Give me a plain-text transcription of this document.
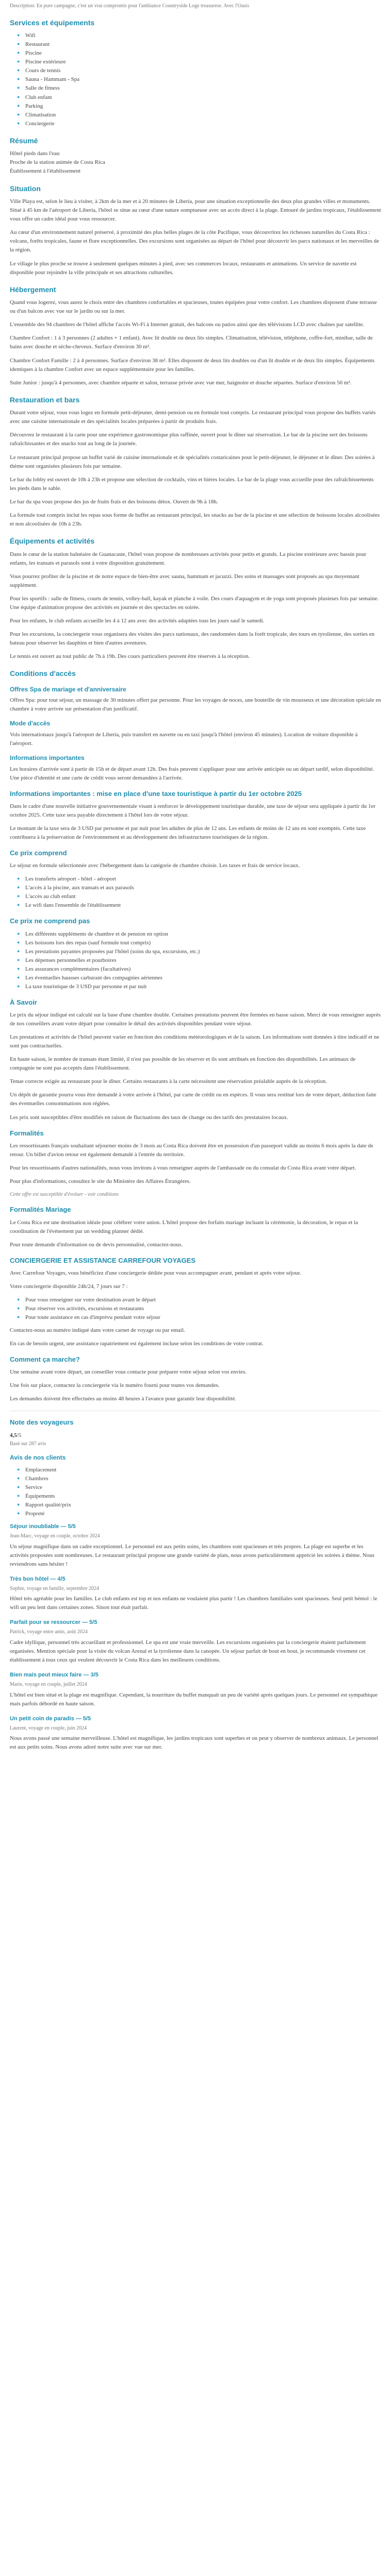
Description: En pure campagne, c'est un vrai compromis pour l'ambiance Countryside Loge treasurese. Avec l'Oasis

Services et équipements
● Wifi
● Restaurant
● Piscine
● Piscine extérieure
● Cours de tennis
● Sauna - Hammam - Spa
● Salle de fitness
● Club enfant
● Parking
● Climatisation
● Conciergerie
Résumé
Hôtel pieds dans l'eau
Proche de la station animée de Costa Rica
Établissement à l'établissement
Situation

Ville Playa est, selon le lieu à visiter, à 2km de la mer et à 20 minutes de Liberia, pour une situation exceptionnelle des deux plus grandes villes et monuments. Situé à 45 km de l'aéroport de Liberia, l'hôtel se situe au cœur d'une nature somptueuse avec un accès direct à la plage. Entouré de jardins tropicaux, l'établissement vous offre un cadre idéal pour vous ressourcer.

Au cœur d'un environnement naturel préservé, à proximité des plus belles plages de la côte Pacifique, vous découvrirez les richesses naturelles du Costa Rica : volcans, forêts tropicales, faune et flore exceptionnelles. Des excursions sont organisées au départ de l'hôtel pour découvrir les parcs nationaux et les merveilles de la région.

Le village le plus proche se trouve à seulement quelques minutes à pied, avec ses commerces locaux, restaurants et animations. Un service de navette est disponible pour rejoindre la ville principale et ses attractions culturelles.

Hébergement

Quand vous logerez, vous aurez le choix entre des chambres confortables et spacieuses, toutes équipées pour votre confort. Les chambres disposent d'une terrasse ou d'un balcon avec vue sur le jardin ou sur la mer.

L'ensemble des 94 chambres de l'hôtel affiche l'accès Wi-Fi à Internet gratuit, des balcons ou patios ainsi que des télévisions LCD avec chaînes par satellite.

Chambre Confort : 1 à 3 personnes (2 adultes + 1 enfant). Avec lit double ou deux lits simples. Climatisation, télévision, téléphone, coffre-fort, minibar, salle de bains avec douche et sèche-cheveux. Surface d'environ 30 m².

Chambre Confort Famille : 2 à 4 personnes. Surface d'environ 38 m². Elles disposent de deux lits doubles ou d'un lit double et de deux lits simples. Équipements identiques à la chambre Confort avec un espace supplémentaire pour les familles.

Suite Junior : jusqu'à 4 personnes, avec chambre séparée et salon, terrasse privée avec vue mer, baignoire et douche séparées. Surface d'environ 50 m².

Restauration et bars

Durant votre séjour, vous vous logez en formule petit-déjeuner, demi-pension ou en formule tout compris. Le restaurant principal vous propose des buffets variés avec une cuisine internationale et des spécialités locales préparées à partir de produits frais.

Découvrez le restaurant à la carte pour une expérience gastronomique plus raffinée, ouvert pour le dîner sur réservation. Le bar de la piscine sert des boissons rafraîchissantes et des snacks tout au long de la journée.

Le restaurant principal propose un buffet varié de cuisine internationale et de spécialités costaricaines pour le petit-déjeuner, le déjeuner et le dîner. Des soirées à thème sont organisées plusieurs fois par semaine.

Le bar du lobby est ouvert de 10h à 23h et propose une sélection de cocktails, vins et bières locales. Le bar de la plage vous accueille pour des rafraîchissements les pieds dans le sable.

Le bar du spa vous propose des jus de fruits frais et des boissons détox. Ouvert de 9h à 18h.

La formule tout compris inclut les repas sous forme de buffet au restaurant principal, les snacks au bar de la piscine et une sélection de boissons locales alcoolisées et non alcoolisées de 10h à 23h.

Équipements et activités

Dans le cœur de la station balnéaire de Guanacaste, l'hôtel vous propose de nombreuses activités pour petits et grands. La piscine extérieure avec bassin pour enfants, les transats et parasols sont à votre disposition gratuitement.

Vous pourrez profiter de la piscine et de notre espace de bien-être avec sauna, hammam et jacuzzi. Des soins et massages sont proposés au spa moyennant supplément.

Pour les sportifs : salle de fitness, courts de tennis, volley-ball, kayak et planche à voile. Des cours d'aquagym et de yoga sont proposés plusieurs fois par semaine. Une équipe d'animation propose des activités en journée et des spectacles en soirée.

Pour les enfants, le club enfants accueille les 4 à 12 ans avec des activités adaptées tous les jours sauf le samedi.

Pour les excursions, la conciergerie vous organisera des visites des parcs nationaux, des randonnées dans la forêt tropicale, des tours en tyrolienne, des sorties en bateau pour observer les dauphins et bien d'autres aventures.

Le tennis est ouvert au tout public de 7h à 19h. Des cours particuliers peuvent être réservés à la réception.

Conditions d'accès
Offres Spa de mariage et d'anniversaire

Offres Spa: pour tout séjour, un massage de 30 minutes offert par personne. Pour les voyages de noces, une bouteille de vin mousseux et une décoration spéciale en chambre à votre arrivée sur présentation d'un justificatif.

Mode d'accès

Vols internationaux jusqu'à l'aéroport de Liberia, puis transfert en navette ou en taxi jusqu'à l'hôtel (environ 45 minutes). Location de voiture disponible à l'aéroport.

Informations importantes

Les horaires d'arrivée sont à partir de 15h et de départ avant 12h. Des frais peuvent s'appliquer pour une arrivée anticipée ou un départ tardif, selon disponibilité. Une pièce d'identité et une carte de crédit vous seront demandées à l'arrivée.

Informations importantes : mise en place d'une taxe touristique à partir du 1er octobre 2025

Dans le cadre d'une nouvelle initiative gouvernementale visant à renforcer le développement touristique durable, une taxe de séjour sera appliquée à partir du 1er octobre 2025. Cette taxe sera payable directement à l'hôtel lors de votre séjour.

Le montant de la taxe sera de 3 USD par personne et par nuit pour les adultes de plus de 12 ans. Les enfants de moins de 12 ans en sont exemptés. Cette taxe contribuera à la préservation de l'environnement et au développement des infrastructures touristiques de la région.

Ce prix comprend

Le séjour en formule sélectionnée avec l'hébergement dans la catégorie de chambre choisie. Les taxes et frais de service locaux.

● Les transferts aéroport - hôtel - aéroport
● L'accès à la piscine, aux transats et aux parasols
● L'accès au club enfant
● Le wifi dans l'ensemble de l'établissement
Ce prix ne comprend pas
● Les différents suppléments de chambre et de pension en option
● Les boissons lors des repas (sauf formule tout compris)
● Les prestations payantes proposées par l'hôtel (soins du spa, excursions, etc.)
● Les dépenses personnelles et pourboires
● Les assurances complémentaires (facultatives)
● Les éventuelles hausses carburant des compagnies aériennes
● La taxe touristique de 3 USD par personne et par nuit
À Savoir

Le prix du séjour indiqué est calculé sur la base d'une chambre double. Certaines prestations peuvent être fermées en basse saison. Merci de vous renseigner auprès de nos conseillers avant votre départ pour connaître le détail des activités disponibles pendant votre séjour.

Les prestations et activités de l'hôtel peuvent varier en fonction des conditions météorologiques et de la saison. Les informations sont données à titre indicatif et ne sont pas contractuelles.

En haute saison, le nombre de transats étant limité, il n'est pas possible de les réserver et ils sont attribués en fonction des disponibilités. Les animaux de compagnie ne sont pas acceptés dans l'établissement.

Tenue correcte exigée au restaurant pour le dîner. Certains restaurants à la carte nécessitent une réservation préalable auprès de la réception.

Un dépôt de garantie pourra vous être demandé à votre arrivée à l'hôtel, par carte de crédit ou en espèces. Il vous sera restitué lors de votre départ, déduction faite des éventuelles consommations non réglées.

Les prix sont susceptibles d'être modifiés en raison de fluctuations des taux de change ou des tarifs des prestataires locaux.

Formalités

Les ressortissants français souhaitant séjourner moins de 3 mois au Costa Rica doivent être en possession d'un passeport valide au moins 6 mois après la date de retour. Un billet d'avion retour est également demandé à l'entrée du territoire.

Pour les ressortissants d'autres nationalités, nous vous invitons à vous renseigner auprès de l'ambassade ou du consulat du Costa Rica avant votre départ.

Pour plus d'informations, consultez le site du Ministère des Affaires Étrangères.

Cette offre est susceptible d'évoluer - voir conditions

Formalités Mariage

Le Costa Rica est une destination idéale pour célébrer votre union. L'hôtel propose des forfaits mariage incluant la cérémonie, la décoration, le repas et la coordination de l'événement par un wedding planner dédié.

Pour toute demande d'information ou de devis personnalisé, contactez-nous.

CONCIERGERIE ET ASSISTANCE CARREFOUR VOYAGES

Avec Carrefour Voyages, vous bénéficiez d'une conciergerie dédiée pour vous accompagner avant, pendant et après votre séjour.

Votre conciergerie disponible 24h/24, 7 jours sur 7 :

● Pour vous renseigner sur votre destination avant le départ
● Pour réserver vos activités, excursions et restaurants
● Pour toute assistance en cas d'imprévu pendant votre séjour

Contactez-nous au numéro indiqué dans votre carnet de voyage ou par email.

En cas de besoin urgent, une assistance rapatriement est également incluse selon les conditions de votre contrat.

Comment ça marche?

Une semaine avant votre départ, un conseiller vous contacte pour préparer votre séjour selon vos envies.

Une fois sur place, contactez la conciergerie via le numéro fourni pour toutes vos demandes.

Les demandes doivent être effectuées au moins 48 heures à l'avance pour garantir leur disponibilité.

Note des voyageurs
4,5/5
Basé sur 287 avis
Avis de nos clients
● Emplacement
● Chambres
● Service
● Équipements
● Rapport qualité/prix
● Propreté
Séjour inoubliable — 5/5
Jean-Marc, voyage en couple, octobre 2024

Un séjour magnifique dans un cadre exceptionnel. Le personnel est aux petits soins, les chambres sont spacieuses et très propres. La plage est superbe et les activités proposées sont nombreuses. Le restaurant principal propose une grande variété de plats, nous avons particulièrement apprécié les soirées à thème. Nous reviendrons sans hésiter !

Très bon hôtel — 4/5
Sophie, voyage en famille, septembre 2024

Hôtel très agréable pour les familles. Le club enfants est top et nos enfants ne voulaient plus partir ! Les chambres familiales sont spacieuses. Seul petit bémol : le wifi un peu lent dans certaines zones. Sinon tout était parfait.

Parfait pour se ressourcer — 5/5
Patrick, voyage entre amis, août 2024

Cadre idyllique, personnel très accueillant et professionnel. Le spa est une vraie merveille. Les excursions organisées par la conciergerie étaient parfaitement organisées. Mention spéciale pour la visite du volcan Arenal et la tyrolienne dans la canopée. Un séjour parfait de bout en bout, je recommande vivement cet établissement à tous ceux qui veulent découvrir le Costa Rica dans les meilleures conditions.

Bien mais peut mieux faire — 3/5
Marie, voyage en couple, juillet 2024

L'hôtel est bien situé et la plage est magnifique. Cependant, la nourriture du buffet manquait un peu de variété après quelques jours. Le personnel est sympathique mais parfois débordé en haute saison.

Un petit coin de paradis — 5/5
Laurent, voyage en couple, juin 2024

Nous avons passé une semaine merveilleuse. L'hôtel est magnifique, les jardins tropicaux sont superbes et on peut y observer de nombreux animaux. Le personnel est aux petits soins. Nous avons adoré notre suite avec vue sur mer.
